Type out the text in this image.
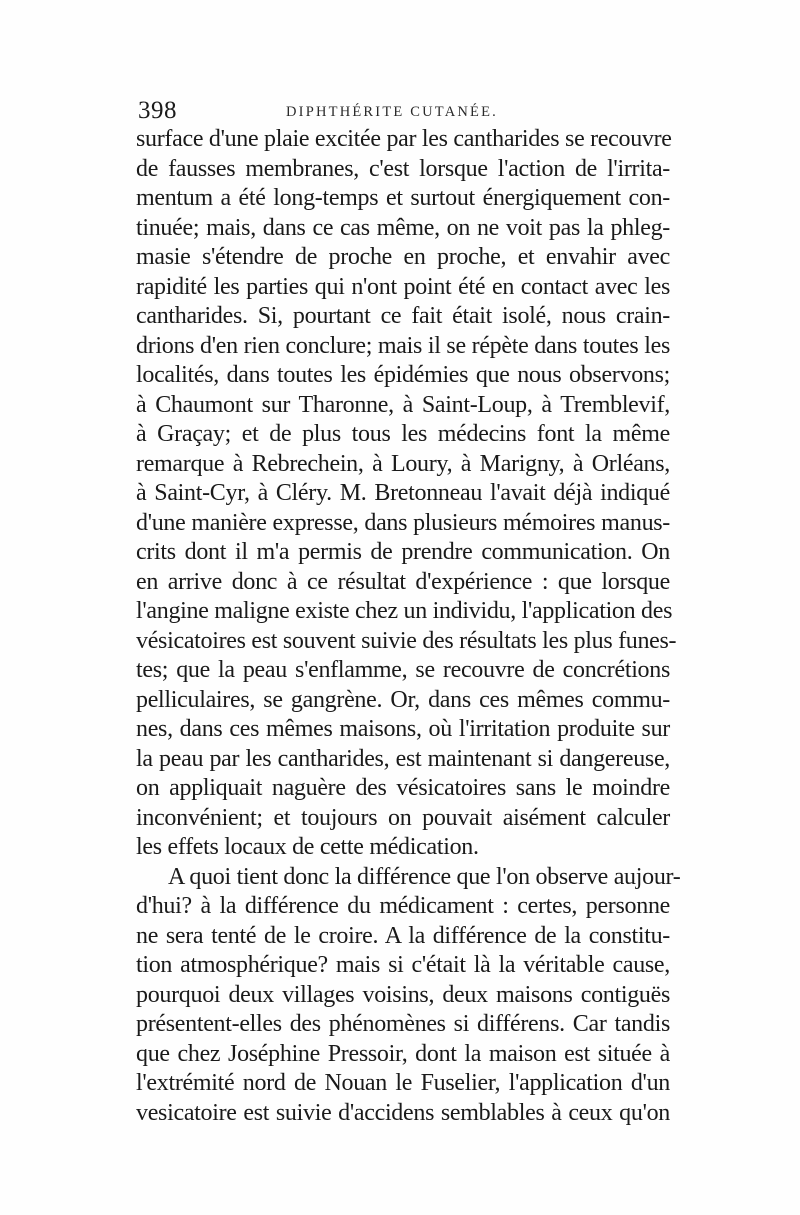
398	DIPHTHÉRITE CUTANÉE.
surface d'une plaie excitée par les cantharides se recouvre
de fausses membranes, c'est lorsque l'action de l'irrita-
mentum a été long-temps et surtout énergiquement con-
tinuée; mais, dans ce cas même, on ne voit pas la phleg-
masie s'étendre de proche en proche, et envahir avec
rapidité les parties qui n'ont point été en contact avec les
cantharides. Si, pourtant ce fait était isolé, nous crain-
drions d'en rien conclure; mais il se répète dans toutes les
localités, dans toutes les épidémies que nous observons;
à Chaumont sur Tharonne, à Saint-Loup, à Tremblevif,
à Graçay; et de plus tous les médecins font la même
remarque à Rebrechein, à Loury, à Marigny, à Orléans,
à Saint-Cyr, à Cléry. M. Bretonneau l'avait déjà indiqué
d'une manière expresse, dans plusieurs mémoires manus-
crits dont il m'a permis de prendre communication. On
en arrive donc à ce résultat d'expérience : que lorsque
l'angine maligne existe chez un individu, l'application des
vésicatoires est souvent suivie des résultats les plus funes-
tes; que la peau s'enflamme, se recouvre de concrétions
pelliculaires, se gangrène. Or, dans ces mêmes commu-
nes, dans ces mêmes maisons, où l'irritation produite sur
la peau par les cantharides, est maintenant si dangereuse,
on appliquait naguère des vésicatoires sans le moindre
inconvénient; et toujours on pouvait aisément calculer
les effets locaux de cette médication.
A quoi tient donc la différence que l'on observe aujour-
d'hui? à la différence du médicament : certes, personne
ne sera tenté de le croire. A la différence de la constitu-
tion atmosphérique? mais si c'était là la véritable cause,
pourquoi deux villages voisins, deux maisons contiguës
présentent-elles des phénomènes si différens. Car tandis
que chez Joséphine Pressoir, dont la maison est située à
l'extrémité nord de Nouan le Fuselier, l'application d'un
vesicatoire est suivie d'accidens semblables à ceux qu'on
